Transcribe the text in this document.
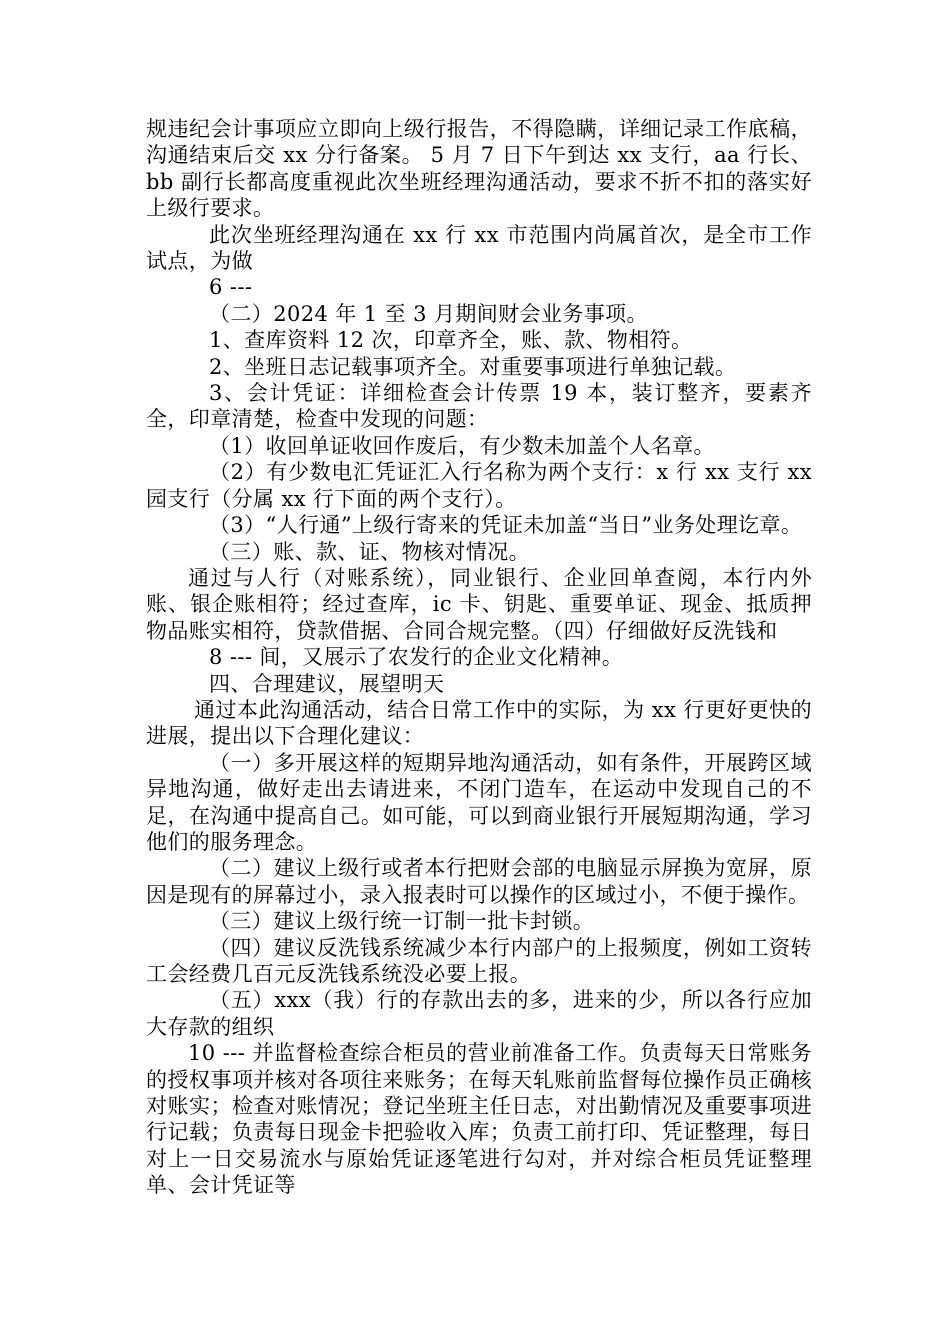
规违纪会计事项应立即向上级行报告，不得隐瞒，详细记录工作底稿，沟通结束后交 xx 分行备案。 5 月 7 日下午到达 xx 支行，aa 行长、bb 副行长都高度重视此次坐班经理沟通活动，要求不折不扣的落实好上级行要求。

此次坐班经理沟通在 xx 行 xx 市范围内尚属首次，是全市工作试点，为做

6 ---

（二）2024 年 1 至 3 月期间财会业务事项。

1、查库资料 12 次，印章齐全，账、款、物相符。

2、坐班日志记载事项齐全。对重要事项进行单独记载。

3、会计凭证：详细检查会计传票 19 本，装订整齐，要素齐全，印章清楚，检查中发现的问题：

（1）收回单证收回作废后，有少数未加盖个人名章。

（2）有少数电汇凭证汇入行名称为两个支行：x 行 xx 支行 xx 园支行（分属 xx 行下面的两个支行）。

（3）“人行通”上级行寄来的凭证未加盖“当日”业务处理讫章。

（三）账、款、证、物核对情况。

通过与人行（对账系统），同业银行、企业回单查阅，本行内外账、银企账相符；经过查库，ic 卡、钥匙、重要单证、现金、抵质押物品账实相符，贷款借据、合同合规完整。（四）仔细做好反洗钱和

8 --- 间，又展示了农发行的企业文化精神。

四、合理建议，展望明天

通过本此沟通活动，结合日常工作中的实际，为 xx 行更好更快的进展，提出以下合理化建议：

（一）多开展这样的短期异地沟通活动，如有条件，开展跨区域异地沟通，做好走出去请进来，不闭门造车，在运动中发现自己的不足，在沟通中提高自己。如可能，可以到商业银行开展短期沟通，学习他们的服务理念。

（二）建议上级行或者本行把财会部的电脑显示屏换为宽屏，原因是现有的屏幕过小，录入报表时可以操作的区域过小，不便于操作。

（三）建议上级行统一订制一批卡封锁。

（四）建议反洗钱系统减少本行内部户的上报频度，例如工资转工会经费几百元反洗钱系统没必要上报。

（五）xxx（我）行的存款出去的多，进来的少，所以各行应加大存款的组织

10 --- 并监督检查综合柜员的营业前准备工作。负责每天日常账务的授权事项并核对各项往来账务；在每天轧账前监督每位操作员正确核对账实；检查对账情况；登记坐班主任日志，对出勤情况及重要事项进行记载；负责每日现金卡把验收入库；负责工前打印、凭证整理，每日对上一日交易流水与原始凭证逐笔进行勾对，并对综合柜员凭证整理单、会计凭证等
